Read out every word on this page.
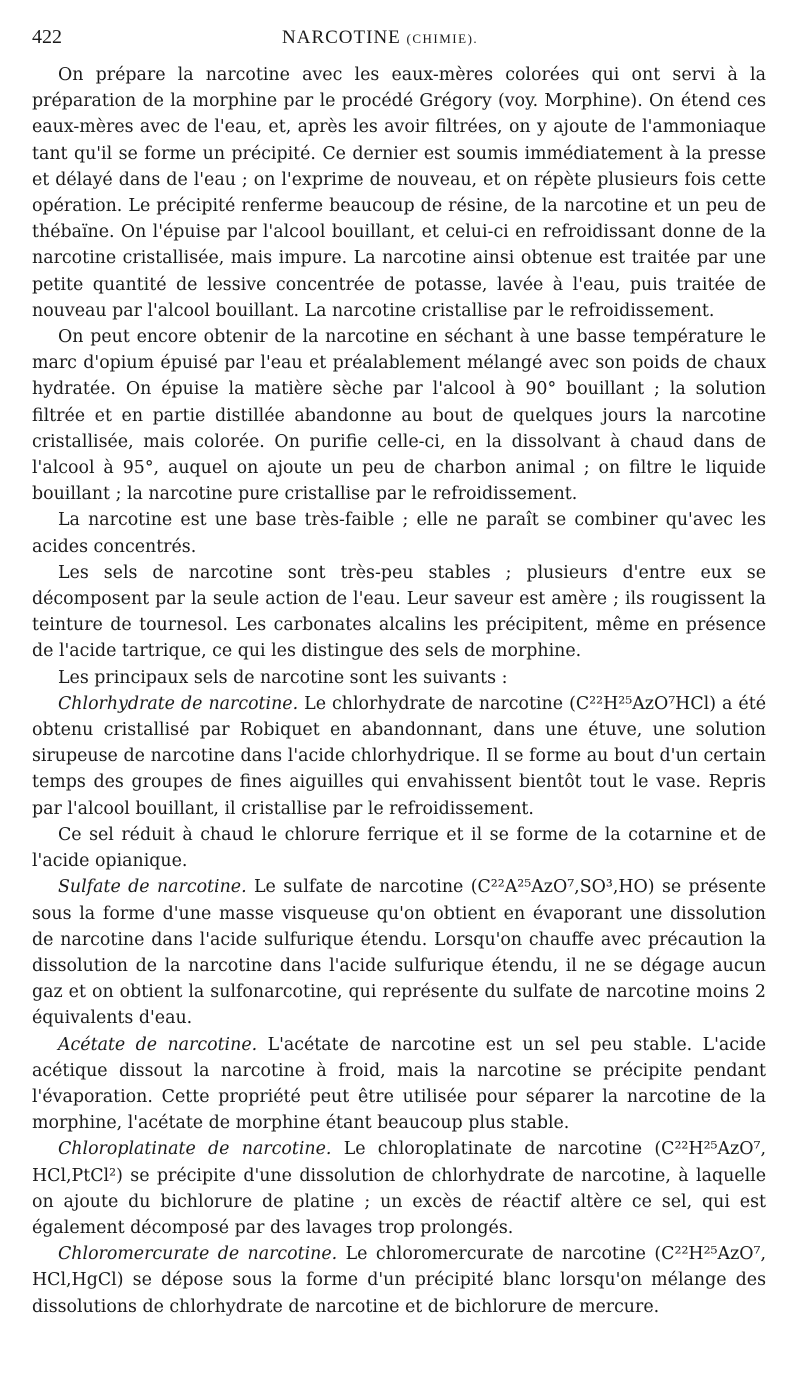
422	NARCOTINE (CHIMIE).

On prépare la narcotine avec les eaux-mères colorées qui ont servi à la préparation de la morphine par le procédé Grégory (voy. Morphine). On étend ces eaux-mères avec de l'eau, et, après les avoir filtrées, on y ajoute de l'ammoniaque tant qu'il se forme un précipité. Ce dernier est soumis immédiatement à la presse et délayé dans de l'eau ; on l'exprime de nouveau, et on répète plusieurs fois cette opération. Le précipité renferme beaucoup de résine, de la narcotine et un peu de thébaïne. On l'épuise par l'alcool bouillant, et celui-ci en refroidissant donne de la narcotine cristallisée, mais impure. La narcotine ainsi obtenue est traitée par une petite quantité de lessive concentrée de potasse, lavée à l'eau, puis traitée de nouveau par l'alcool bouillant. La narcotine cristallise par le refroidissement.

On peut encore obtenir de la narcotine en séchant à une basse température le marc d'opium épuisé par l'eau et préalablement mélangé avec son poids de chaux hydratée. On épuise la matière sèche par l'alcool à 90° bouillant ; la solution filtrée et en partie distillée abandonne au bout de quelques jours la narcotine cristallisée, mais colorée. On purifie celle-ci, en la dissolvant à chaud dans de l'alcool à 95°, auquel on ajoute un peu de charbon animal ; on filtre le liquide bouillant ; la narcotine pure cristallise par le refroidissement.

La narcotine est une base très-faible ; elle ne paraît se combiner qu'avec les acides concentrés.

Les sels de narcotine sont très-peu stables ; plusieurs d'entre eux se décomposent par la seule action de l'eau. Leur saveur est amère ; ils rougissent la teinture de tournesol. Les carbonates alcalins les précipitent, même en présence de l'acide tartrique, ce qui les distingue des sels de morphine.

Les principaux sels de narcotine sont les suivants :

Chlorhydrate de narcotine. Le chlorhydrate de narcotine (C²²H²⁵AzO⁷HCl) a été obtenu cristallisé par Robiquet en abandonnant, dans une étuve, une solution sirupeuse de narcotine dans l'acide chlorhydrique. Il se forme au bout d'un certain temps des groupes de fines aiguilles qui envahissent bientôt tout le vase. Repris par l'alcool bouillant, il cristallise par le refroidissement.

Ce sel réduit à chaud le chlorure ferrique et il se forme de la cotarnine et de l'acide opianique.

Sulfate de narcotine. Le sulfate de narcotine (C²²A²⁵AzO⁷,SO³,HO) se présente sous la forme d'une masse visqueuse qu'on obtient en évaporant une dissolution de narcotine dans l'acide sulfurique étendu. Lorsqu'on chauffe avec précaution la dissolution de la narcotine dans l'acide sulfurique étendu, il ne se dégage aucun gaz et on obtient la sulfonarcotine, qui représente du sulfate de narcotine moins 2 équivalents d'eau.

Acétate de narcotine. L'acétate de narcotine est un sel peu stable. L'acide acétique dissout la narcotine à froid, mais la narcotine se précipite pendant l'évaporation. Cette propriété peut être utilisée pour séparer la narcotine de la morphine, l'acétate de morphine étant beaucoup plus stable.

Chloroplatinate de narcotine. Le chloroplatinate de narcotine (C²²H²⁵AzO⁷, HCl,PtCl²) se précipite d'une dissolution de chlorhydrate de narcotine, à laquelle on ajoute du bichlorure de platine ; un excès de réactif altère ce sel, qui est également décomposé par des lavages trop prolongés.

Chloromercurate de narcotine. Le chloromercurate de narcotine (C²²H²⁵AzO⁷, HCl,HgCl) se dépose sous la forme d'un précipité blanc lorsqu'on mélange des dissolutions de chlorhydrate de narcotine et de bichlorure de mercure.
